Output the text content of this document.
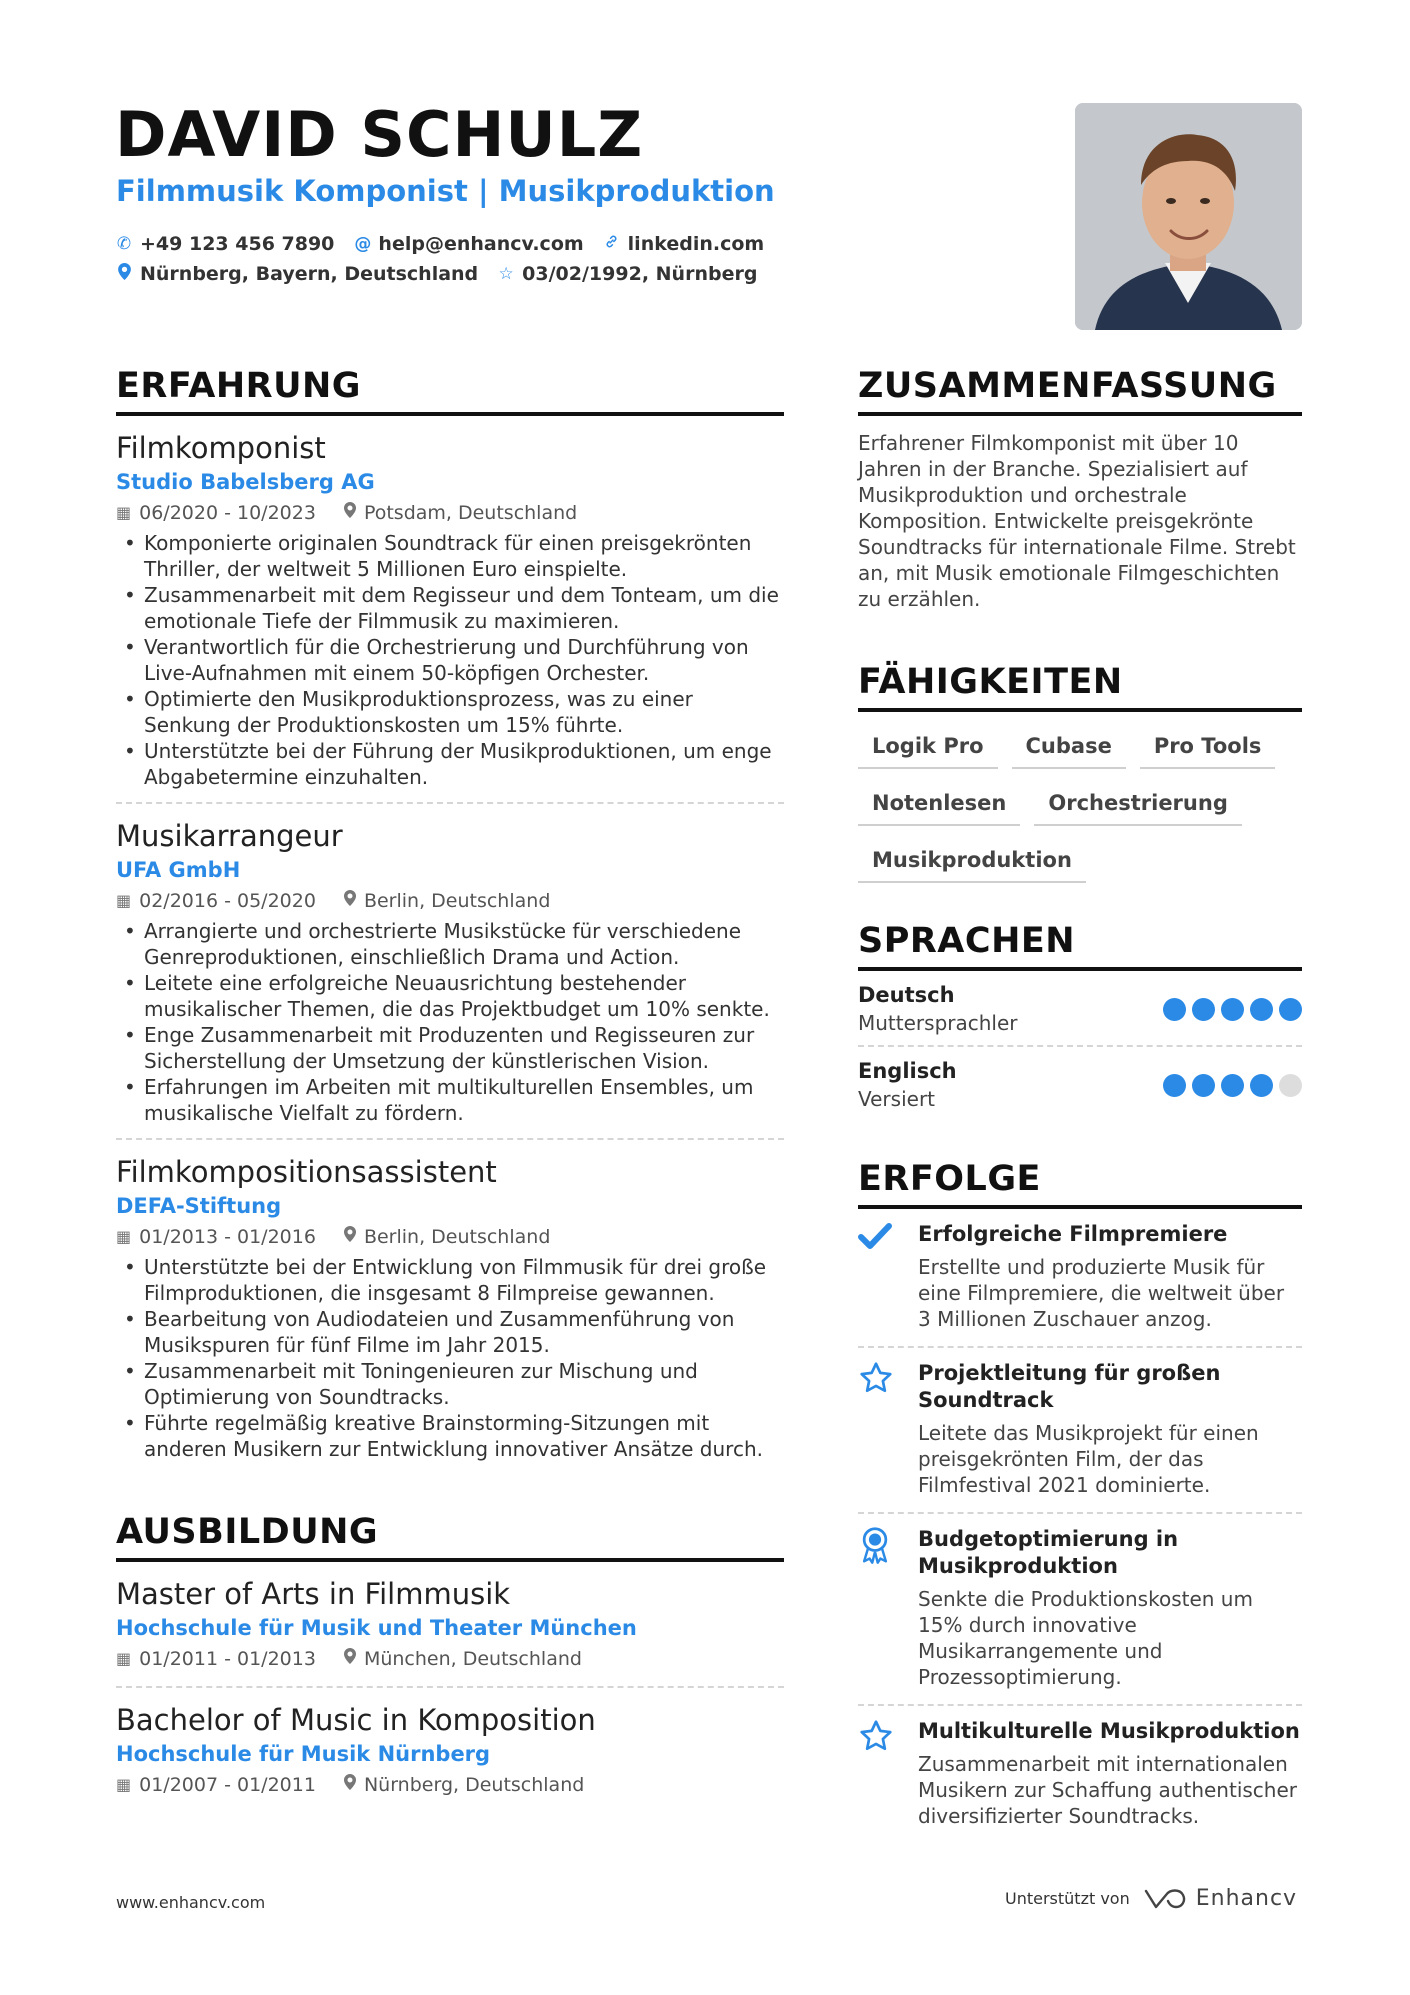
DAVID SCHULZ
Filmmusik Komponist | Musikproduktion
✆ +49 123 456 7890 @ help@enhancv.com linkedin.com
Nürnberg, Bayern, Deutschland ☆ 03/02/1992, Nürnberg
ERFAHRUNG
Filmkomponist
Studio Babelsberg AG
▦ 06/2020 - 10/2023	Potsdam, Deutschland
• Komponierte originalen Soundtrack für einen preisgekrönten Thriller, der weltweit 5 Millionen Euro einspielte.
• Zusammenarbeit mit dem Regisseur und dem Tonteam, um die emotionale Tiefe der Filmmusik zu maximieren.
• Verantwortlich für die Orchestrierung und Durchführung von Live-Aufnahmen mit einem 50-köpfigen Orchester.
• Optimierte den Musikproduktionsprozess, was zu einer Senkung der Produktionskosten um 15% führte.
• Unterstützte bei der Führung der Musikproduktionen, um enge Abgabetermine einzuhalten.
Musikarrangeur
UFA GmbH
▦ 02/2016 - 05/2020	Berlin, Deutschland
• Arrangierte und orchestrierte Musikstücke für verschiedene Genreproduktionen, einschließlich Drama und Action.
• Leitete eine erfolgreiche Neuausrichtung bestehender musikalischer Themen, die das Projektbudget um 10% senkte.
• Enge Zusammenarbeit mit Produzenten und Regisseuren zur Sicherstellung der Umsetzung der künstlerischen Vision.
• Erfahrungen im Arbeiten mit multikulturellen Ensembles, um musikalische Vielfalt zu fördern.
Filmkompositionsassistent
DEFA-Stiftung
▦ 01/2013 - 01/2016	Berlin, Deutschland
• Unterstützte bei der Entwicklung von Filmmusik für drei große Filmproduktionen, die insgesamt 8 Filmpreise gewannen.
• Bearbeitung von Audiodateien und Zusammenführung von Musikspuren für fünf Filme im Jahr 2015.
• Zusammenarbeit mit Toningenieuren zur Mischung und Optimierung von Soundtracks.
• Führte regelmäßig kreative Brainstorming-Sitzungen mit anderen Musikern zur Entwicklung innovativer Ansätze durch.
AUSBILDUNG
Master of Arts in Filmmusik
Hochschule für Musik und Theater München
▦ 01/2011 - 01/2013	München, Deutschland
Bachelor of Music in Komposition
Hochschule für Musik Nürnberg
▦ 01/2007 - 01/2011	Nürnberg, Deutschland
ZUSAMMENFASSUNG
Erfahrener Filmkomponist mit über 10 Jahren in der Branche. Spezialisiert auf Musikproduktion und orchestrale Komposition. Entwickelte preisgekrönte Soundtracks für internationale Filme. Strebt an, mit Musik emotionale Filmgeschichten zu erzählen.
FÄHIGKEITEN
Logik Pro	Cubase	Pro Tools
Notenlesen	Orchestrierung
Musikproduktion
SPRACHEN
Deutsch
Muttersprachler
Englisch
Versiert
ERFOLGE
Erfolgreiche Filmpremiere
Erstellte und produzierte Musik für eine Filmpremiere, die weltweit über 3 Millionen Zuschauer anzog.
Projektleitung für großen Soundtrack
Leitete das Musikprojekt für einen preisgekrönten Film, der das Filmfestival 2021 dominierte.
Budgetoptimierung in Musikproduktion
Senkte die Produktionskosten um 15% durch innovative Musikarrangemente und Prozessoptimierung.
Multikulturelle Musikproduktion
Zusammenarbeit mit internationalen Musikern zur Schaffung authentischer diversifizierter Soundtracks.
www.enhancv.com	Unterstützt von	Enhancv
